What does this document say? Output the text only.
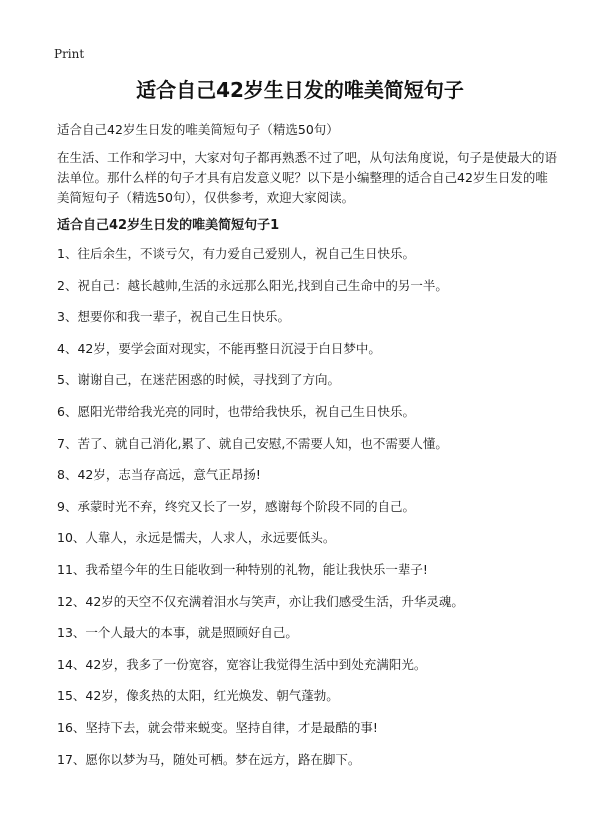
Print
适合自己42岁生日发的唯美简短句子

适合自己42岁生日发的唯美简短句子（精选50句）

在生活、工作和学习中，大家对句子都再熟悉不过了吧，从句法角度说，句子是使最大的语法单位。那什么样的句子才具有启发意义呢？以下是小编整理的适合自己42岁生日发的唯美简短句子（精选50句），仅供参考，欢迎大家阅读。

适合自己42岁生日发的唯美简短句子1
1、往后余生，不谈亏欠，有力爱自己爱别人，祝自己生日快乐。
2、祝自己：越长越帅,生活的永远那么阳光,找到自己生命中的另一半。
3、想要你和我一辈子，祝自己生日快乐。
4、42岁，要学会面对现实，不能再整日沉浸于白日梦中。
5、谢谢自己，在迷茫困惑的时候，寻找到了方向。
6、愿阳光带给我光亮的同时，也带给我快乐，祝自己生日快乐。
7、苦了、就自己消化,累了、就自己安慰,不需要人知，也不需要人懂。
8、42岁，志当存高远，意气正昂扬!
9、承蒙时光不弃，终究又长了一岁，感谢每个阶段不同的自己。
10、人靠人，永远是懦夫，人求人，永远要低头。
11、我希望今年的生日能收到一种特别的礼物，能让我快乐一辈子!
12、42岁的天空不仅充满着泪水与笑声，亦让我们感受生活，升华灵魂。
13、一个人最大的本事，就是照顾好自己。
14、42岁，我多了一份宽容，宽容让我觉得生活中到处充满阳光。
15、42岁，像炙热的太阳，红光焕发、朝气蓬勃。
16、坚持下去，就会带来蜕变。坚持自律，才是最酷的事!
17、愿你以梦为马，随处可栖。梦在远方，路在脚下。
